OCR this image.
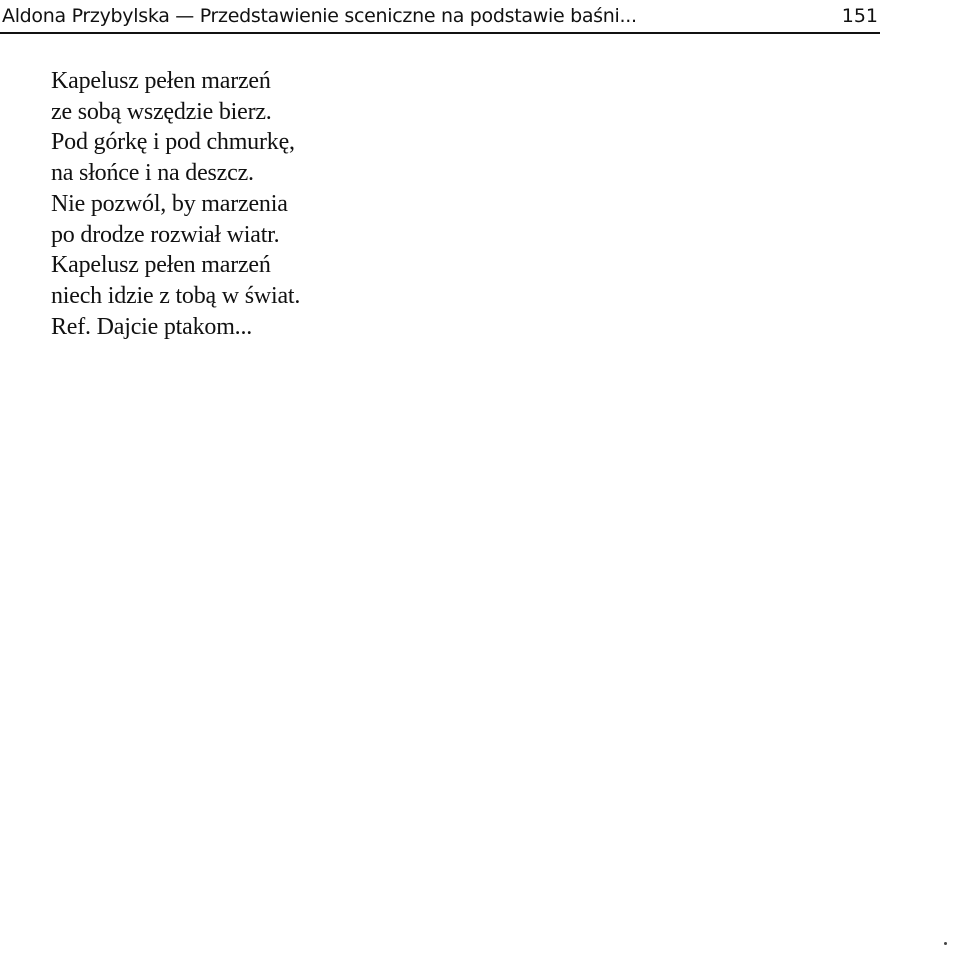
Aldona Przybylska — Przedstawienie sceniczne na podstawie baśni...	151
Kapelusz pełen marzeń
ze sobą wszędzie bierz.
Pod górkę i pod chmurkę,
na słońce i na deszcz.
Nie pozwól, by marzenia
po drodze rozwiał wiatr.
Kapelusz pełen marzeń
niech idzie z tobą w świat.
Ref. Dajcie ptakom...
